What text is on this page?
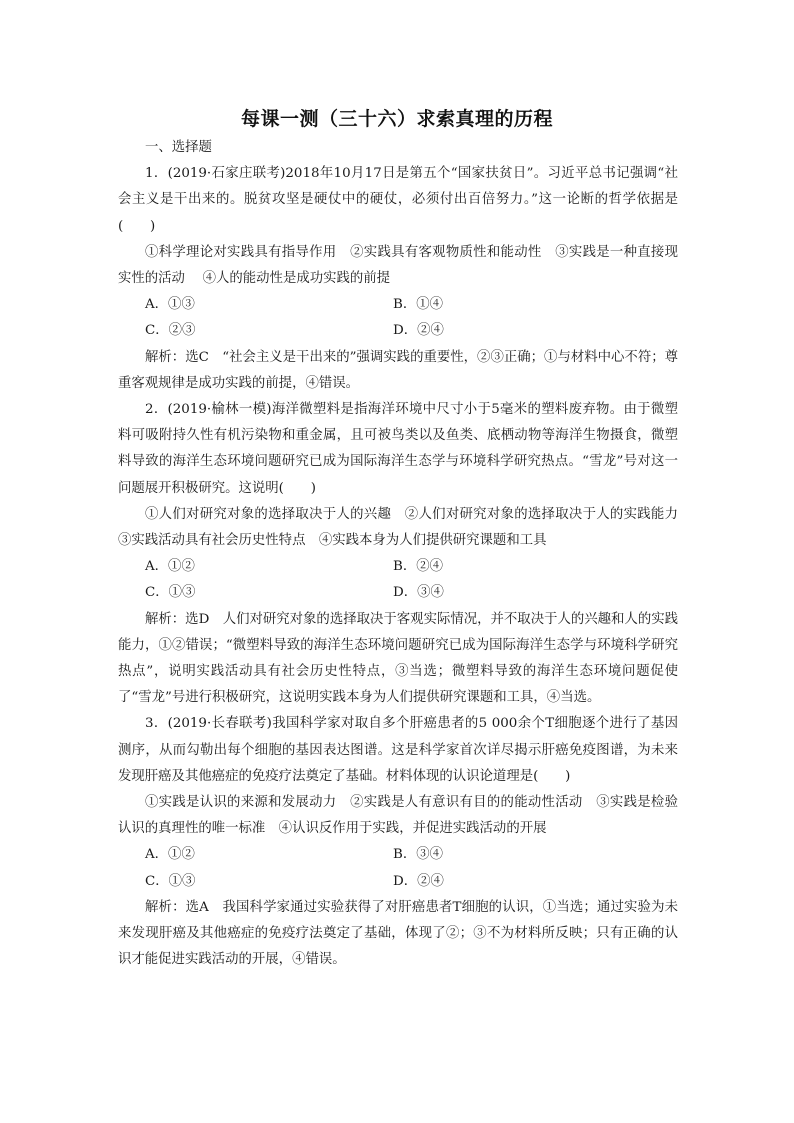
每课一测（三十六）求索真理的历程
一、选择题

1．(2019·石家庄联考)2018年10月17日是第五个“国家扶贫日”。习近平总书记强调“社会主义是干出来的。脱贫攻坚是硬仗中的硬仗，必须付出百倍努力。”这一论断的哲学依据是(　　)

①科学理论对实践具有指导作用　②实践具有客观物质性和能动性　③实践是一种直接现实性的活动　 ④人的能动性是成功实践的前提

A．①③	B．①④
C．②③	D．②④

解析：选C　“社会主义是干出来的”强调实践的重要性，②③正确；①与材料中心不符；尊重客观规律是成功实践的前提，④错误。

2．(2019·榆林一模)海洋微塑料是指海洋环境中尺寸小于5毫米的塑料废弃物。由于微塑料可吸附持久性有机污染物和重金属，且可被鸟类以及鱼类、底栖动物等海洋生物摄食，微塑料导致的海洋生态环境问题研究已成为国际海洋生态学与环境科学研究热点。“雪龙”号对这一问题展开积极研究。这说明(　　)

①人们对研究对象的选择取决于人的兴趣　②人们对研究对象的选择取决于人的实践能力　③实践活动具有社会历史性特点　④实践本身为人们提供研究课题和工具

A．①②	B．②④
C．①③	D．③④

解析：选D　人们对研究对象的选择取决于客观实际情况，并不取决于人的兴趣和人的实践能力，①②错误；“微塑料导致的海洋生态环境问题研究已成为国际海洋生态学与环境科学研究热点”，说明实践活动具有社会历史性特点，③当选；微塑料导致的海洋生态环境问题促使了“雪龙”号进行积极研究，这说明实践本身为人们提供研究课题和工具，④当选。

3．(2019·长春联考)我国科学家对取自多个肝癌患者的5 000余个T细胞逐个进行了基因测序，从而勾勒出每个细胞的基因表达图谱。这是科学家首次详尽揭示肝癌免疫图谱，为未来发现肝癌及其他癌症的免疫疗法奠定了基础。材料体现的认识论道理是(　　)

①实践是认识的来源和发展动力　②实践是人有意识有目的的能动性活动　③实践是检验认识的真理性的唯一标准　④认识反作用于实践，并促进实践活动的开展

A．①②	B．③④
C．①③	D．②④

解析：选A　我国科学家通过实验获得了对肝癌患者T细胞的认识，①当选；通过实验为未来发现肝癌及其他癌症的免疫疗法奠定了基础，体现了②；③不为材料所反映；只有正确的认识才能促进实践活动的开展，④错误。
